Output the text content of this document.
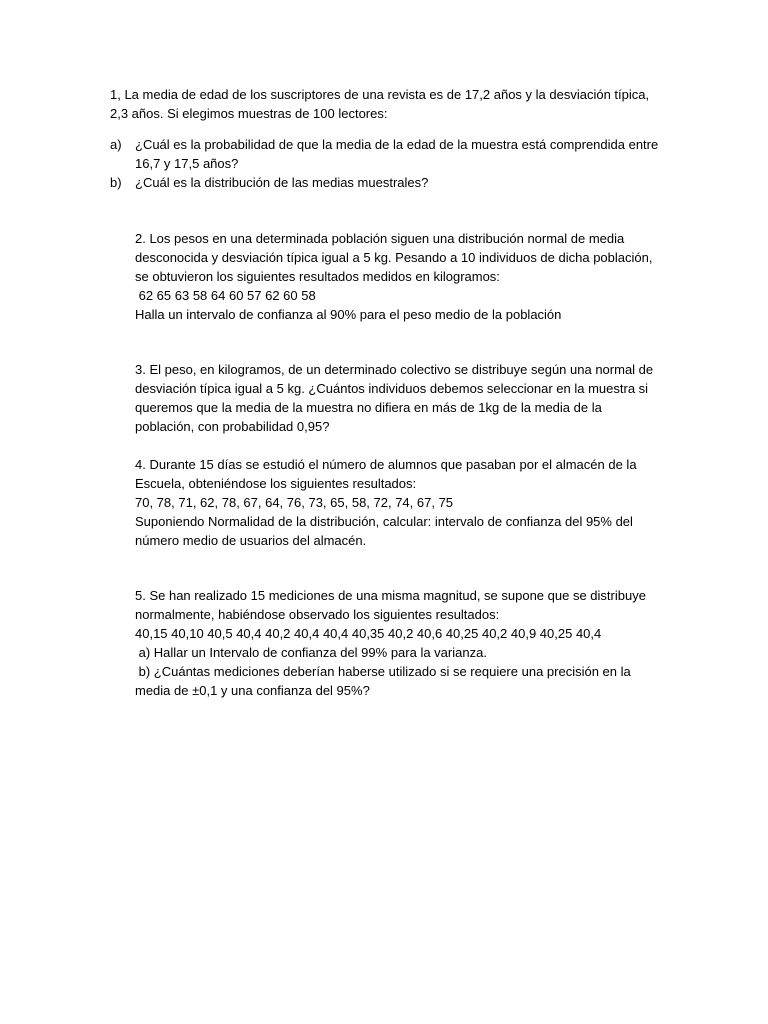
1, La media de edad de los suscriptores de una revista es de 17,2 años y la desviación típica,
2,3 años. Si elegimos muestras de 100 lectores:
a) ¿Cuál es la probabilidad de que la media de la edad de la muestra está comprendida entre
16,7 y 17,5 años?
b) ¿Cuál es la distribución de las medias muestrales?
2. Los pesos en una determinada población siguen una distribución normal de media
desconocida y desviación típica igual a 5 kg. Pesando a 10 individuos de dicha población,
se obtuvieron los siguientes resultados medidos en kilogramos:
62 65 63 58 64 60 57 62 60 58
Halla un intervalo de confianza al 90% para el peso medio de la población
3. El peso, en kilogramos, de un determinado colectivo se distribuye según una normal de
desviación típica igual a 5 kg. ¿Cuántos individuos debemos seleccionar en la muestra si
queremos que la media de la muestra no difiera en más de 1kg de la media de la
población, con probabilidad 0,95?
4. Durante 15 días se estudió el número de alumnos que pasaban por el almacén de la
Escuela, obteniéndose los siguientes resultados:
70, 78, 71, 62, 78, 67, 64, 76, 73, 65, 58, 72, 74, 67, 75
Suponiendo Normalidad de la distribución, calcular: intervalo de confianza del 95% del
número medio de usuarios del almacén.
5. Se han realizado 15 mediciones de una misma magnitud, se supone que se distribuye
normalmente, habiéndose observado los siguientes resultados:
40,15 40,10 40,5 40,4 40,2 40,4 40,4 40,35 40,2 40,6 40,25 40,2 40,9 40,25 40,4
a) Hallar un Intervalo de confianza del 99% para la varianza.
b) ¿Cuántas mediciones deberían haberse utilizado si se requiere una precisión en la
media de ±0,1 y una confianza del 95%?
